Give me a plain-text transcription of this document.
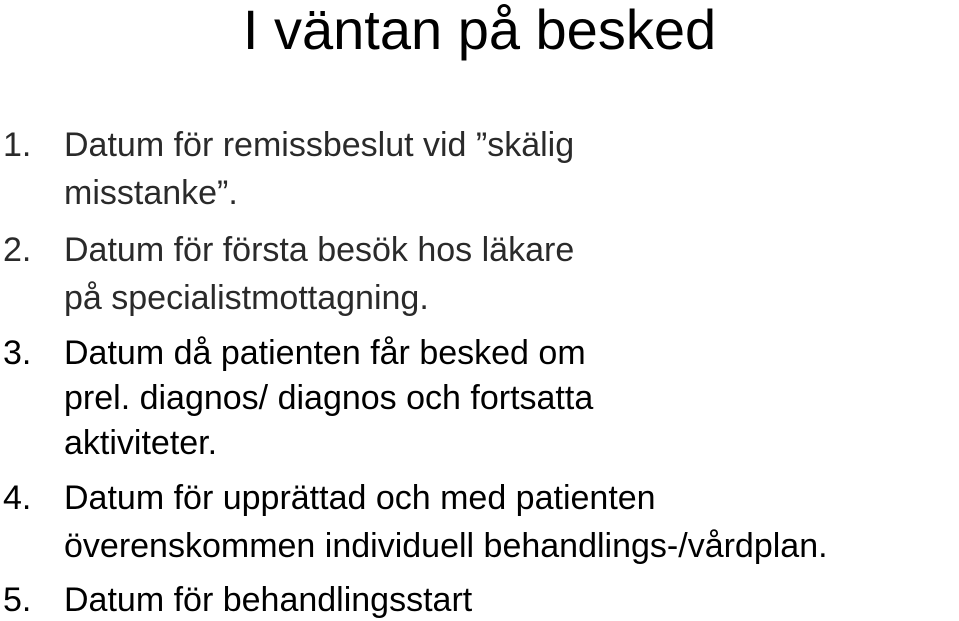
I väntan på besked
1. Datum för remissbeslut vid ”skälig
misstanke”.
2. Datum för första besök hos läkare
på specialistmottagning.
3. Datum då patienten får besked om
prel. diagnos/ diagnos och fortsatta
aktiviteter.
4. Datum för upprättad och med patienten
överenskommen individuell behandlings-/vårdplan.
5. Datum för behandlingsstart
